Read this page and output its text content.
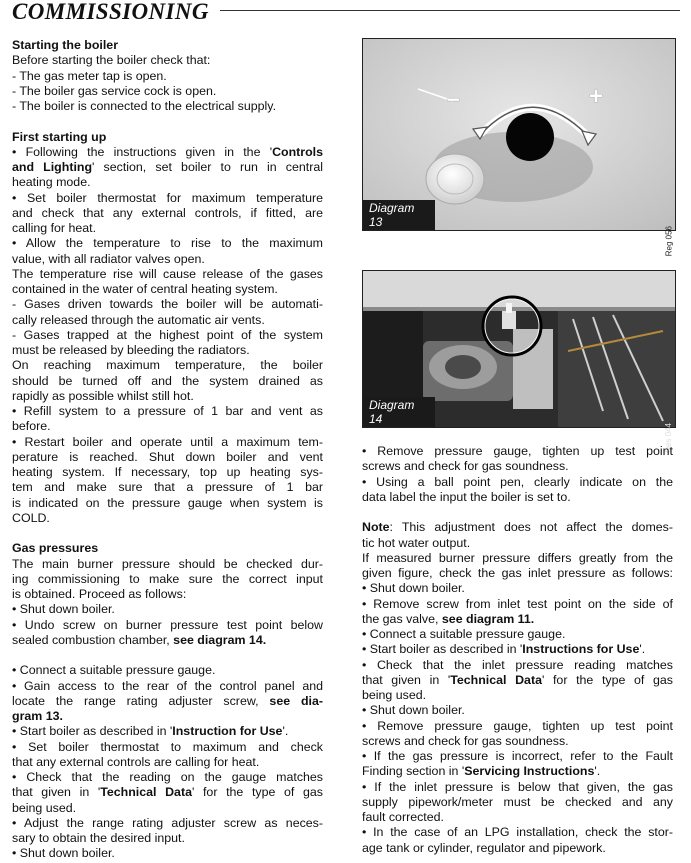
COMMISSIONING
Starting the boiler
Before starting the boiler check that:
- The gas meter tap is open.
- The boiler gas service cock is open.
- The boiler is connected to the electrical supply.
First starting up
• Following the instructions given in the 'Controls
and Lighting' section, set boiler to run in central
heating mode.
• Set boiler thermostat for maximum temperature
and check that any external controls, if fitted, are
calling for heat.
• Allow the temperature to rise to the maximum
value, with all radiator valves open.
The temperature rise will cause release of the gases
contained in the water of central heating system.
- Gases driven towards the boiler will be automati-
cally released through the automatic air vents.
- Gases trapped at the highest point of the system
must be released by bleeding the radiators.
On reaching maximum temperature, the boiler
should be turned off and the system drained as
rapidly as possible whilst still hot.
• Refill system to a pressure of 1 bar and vent as
before.
• Restart boiler and operate until a maximum tem-
perature is reached. Shut down boiler and vent
heating system. If necessary, top up heating sys-
tem and make sure that a pressure of 1 bar
is indicated on the pressure gauge when system is
COLD.
Gas pressures
The main burner pressure should be checked dur-
ing commissioning to make sure the correct input
is obtained. Proceed as follows:
• Shut down boiler.
• Undo screw on burner pressure test point below
sealed combustion chamber, see diagram 14.
• Connect a suitable pressure gauge.
• Gain access to the rear of the control panel and
locate the range rating adjuster screw, see dia-
gram 13.
• Start boiler as described in 'Instruction for Use'.
• Set boiler thermostat to maximum and check
that any external controls are calling for heat.
• Check that the reading on the gauge matches
that given in 'Technical Data' for the type of gas
being used.
• Adjust the range rating adjuster screw as neces-
sary to obtain the desired input.
• Shut down boiler.
−	+
Diagram 13
Reg 056
Diagram 14
Des 044
• Remove pressure gauge, tighten up test point
screws and check for gas soundness.
• Using a ball point pen, clearly indicate on the
data label the input the boiler is set to.
Note: This adjustment does not affect the domes-
tic hot water output.
If measured burner pressure differs greatly from the
given figure, check the gas inlet pressure as follows:
• Shut down boiler.
• Remove screw from inlet test point on the side of
the gas valve, see diagram 11.
• Connect a suitable pressure gauge.
• Start boiler as described in 'Instructions for Use'.
• Check that the inlet pressure reading matches
that given in 'Technical Data' for the type of gas
being used.
• Shut down boiler.
• Remove pressure gauge, tighten up test point
screws and check for gas soundness.
• If the gas pressure is incorrect, refer to the Fault
Finding section in 'Servicing Instructions'.
• If the inlet pressure is below that given, the gas
supply pipework/meter must be checked and any
fault corrected.
• In the case of an LPG installation, check the stor-
age tank or cylinder, regulator and pipework.
